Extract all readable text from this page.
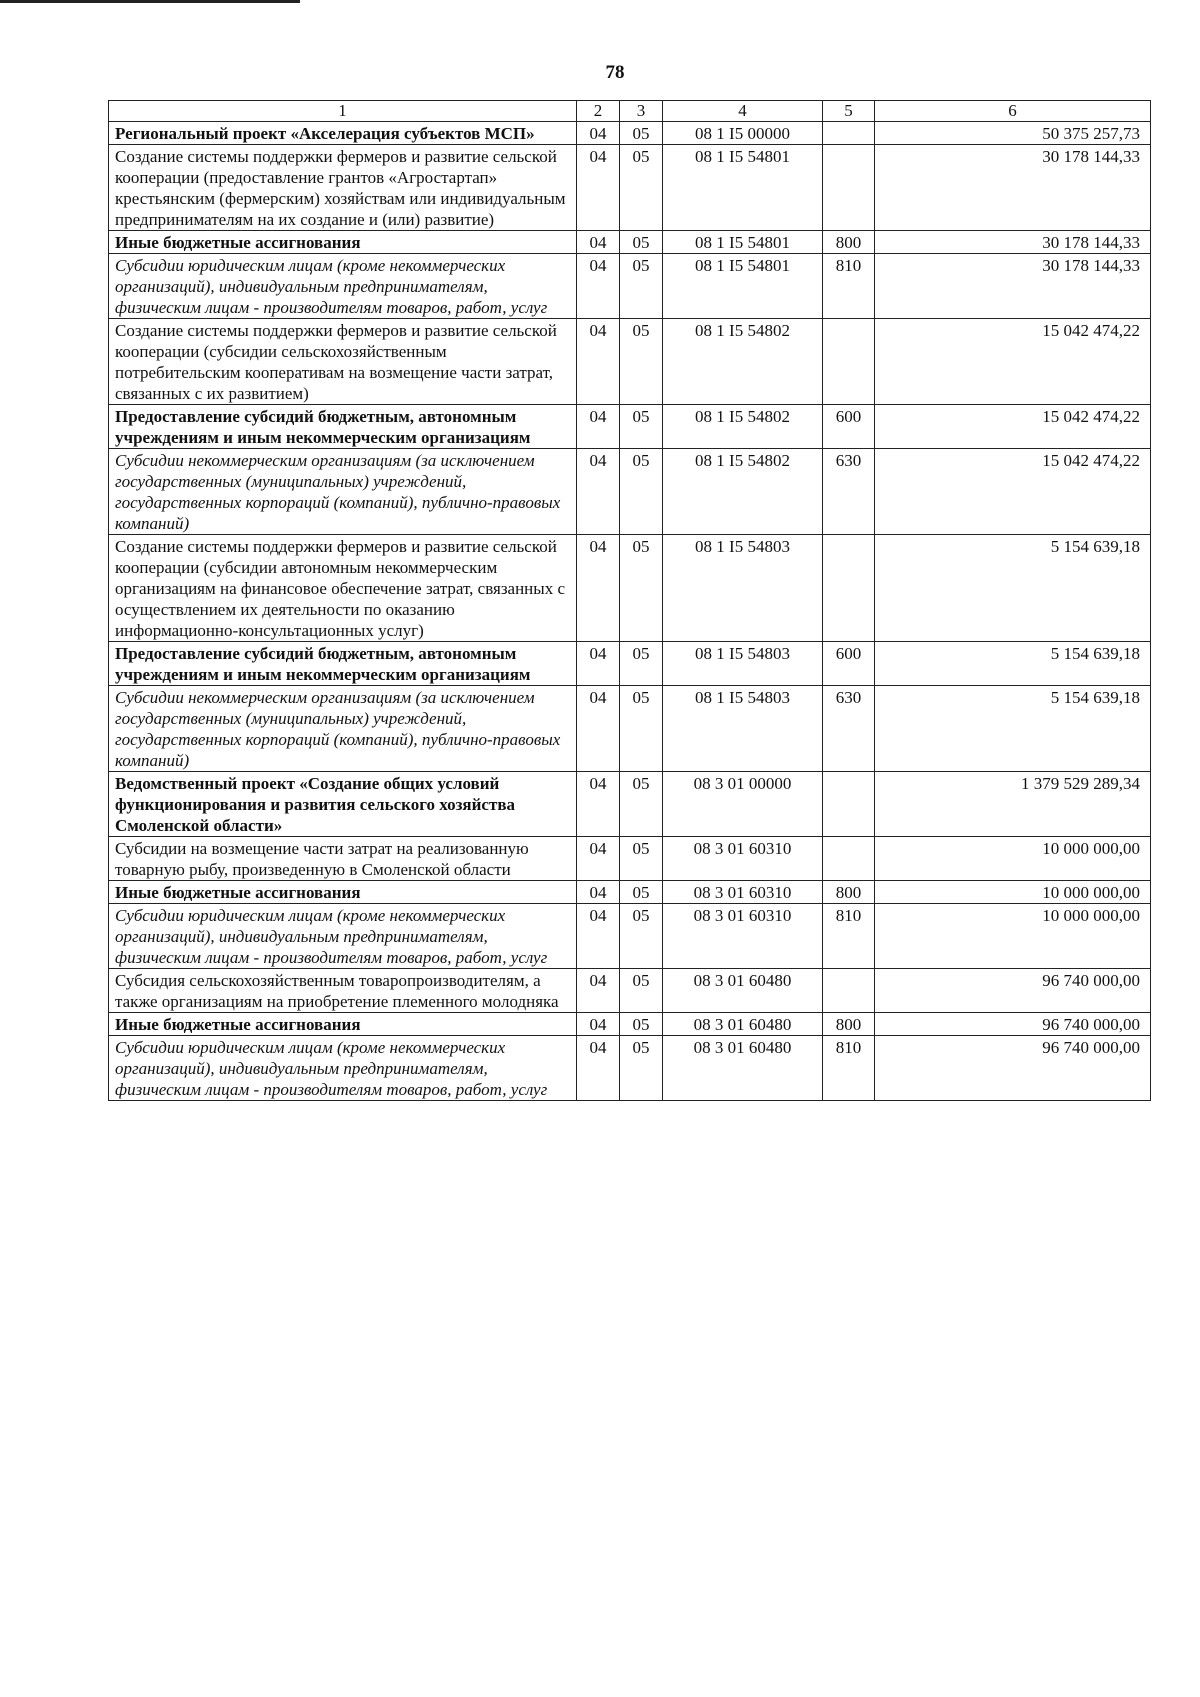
78
1	2	3	4	5	6
Региональный проект «Акселерация субъектов МСП»	04	05	08 1 I5 00000		50 375 257,73
Создание системы поддержки фермеров и развитие сельской кооперации (предоставление грантов «Агростартап» крестьянским (фермерским) хозяйствам или индивидуальным предпринимателям на их создание и (или) развитие)	04	05	08 1 I5 54801		30 178 144,33
Иные бюджетные ассигнования	04	05	08 1 I5 54801	800	30 178 144,33
Субсидии юридическим лицам (кроме некоммерческих организаций), индивидуальным предпринимателям, физическим лицам - производителям товаров, работ, услуг	04	05	08 1 I5 54801	810	30 178 144,33
Создание системы поддержки фермеров и развитие сельской кооперации (субсидии сельскохозяйственным потребительским кооперативам на возмещение части затрат, связанных с их развитием)	04	05	08 1 I5 54802		15 042 474,22
Предоставление субсидий бюджетным, автономным учреждениям и иным некоммерческим организациям	04	05	08 1 I5 54802	600	15 042 474,22
Субсидии некоммерческим организациям (за исключением государственных (муниципальных) учреждений, государственных корпораций (компаний), публично-правовых компаний)	04	05	08 1 I5 54802	630	15 042 474,22
Создание системы поддержки фермеров и развитие сельской кооперации (субсидии автономным некоммерческим организациям на финансовое обеспечение затрат, связанных с осуществлением их деятельности по оказанию информационно-консультационных услуг)	04	05	08 1 I5 54803		5 154 639,18
Предоставление субсидий бюджетным, автономным учреждениям и иным некоммерческим организациям	04	05	08 1 I5 54803	600	5 154 639,18
Субсидии некоммерческим организациям (за исключением государственных (муниципальных) учреждений, государственных корпораций (компаний), публично-правовых компаний)	04	05	08 1 I5 54803	630	5 154 639,18
Ведомственный проект «Создание общих условий функционирования и развития сельского хозяйства Смоленской области»	04	05	08 3 01 00000		1 379 529 289,34
Субсидии на возмещение части затрат на реализованную товарную рыбу, произведенную в Смоленской области	04	05	08 3 01 60310		10 000 000,00
Иные бюджетные ассигнования	04	05	08 3 01 60310	800	10 000 000,00
Субсидии юридическим лицам (кроме некоммерческих организаций), индивидуальным предпринимателям, физическим лицам - производителям товаров, работ, услуг	04	05	08 3 01 60310	810	10 000 000,00
Субсидия сельскохозяйственным товаропроизводителям, а также организациям на приобретение племенного молодняка	04	05	08 3 01 60480		96 740 000,00
Иные бюджетные ассигнования	04	05	08 3 01 60480	800	96 740 000,00
Субсидии юридическим лицам (кроме некоммерческих организаций), индивидуальным предпринимателям, физическим лицам - производителям товаров, работ, услуг	04	05	08 3 01 60480	810	96 740 000,00
